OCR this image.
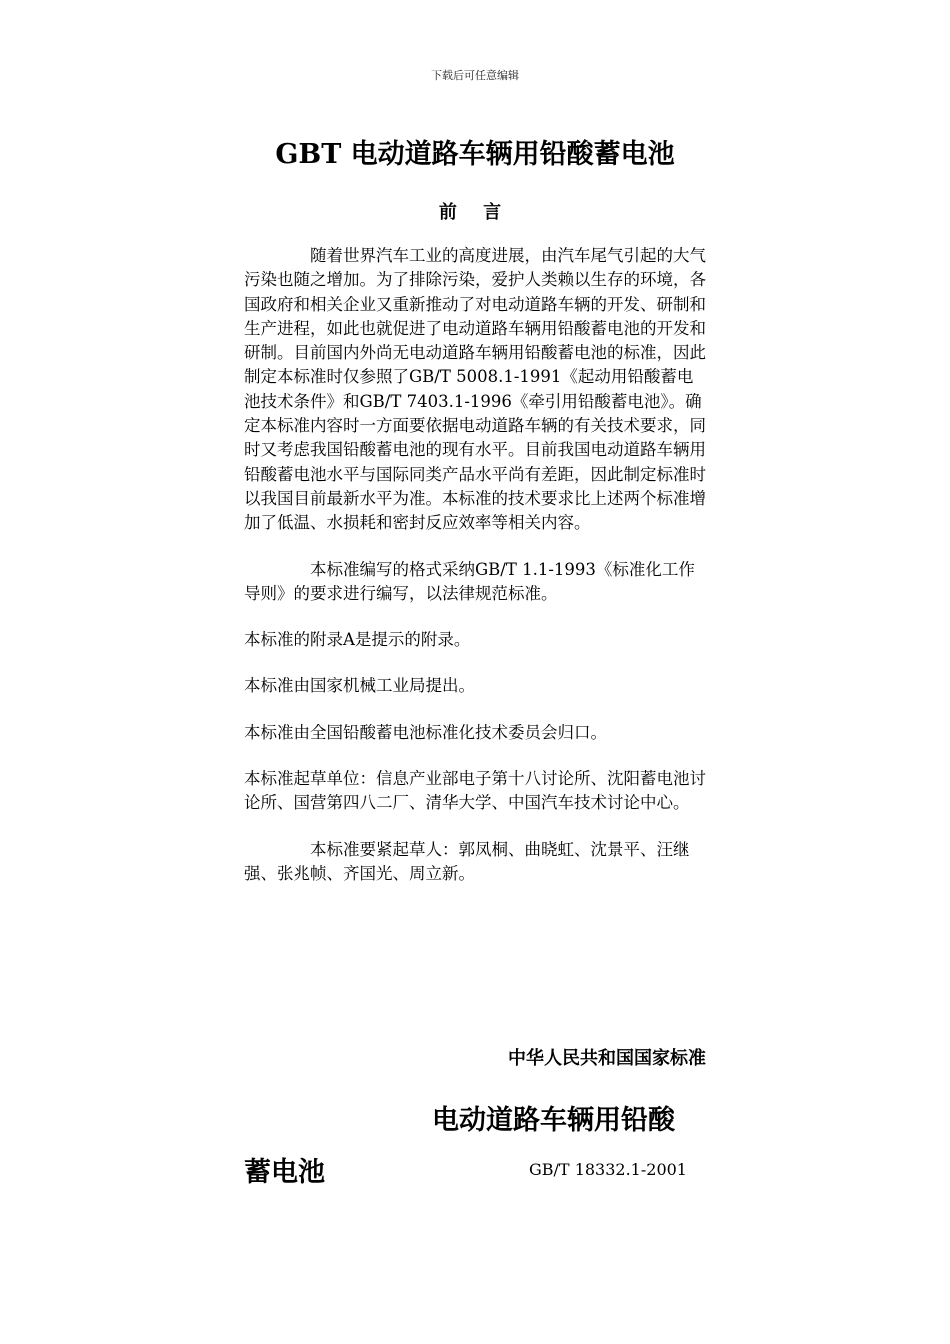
下载后可任意编辑
GBT 电动道路车辆用铅酸蓄电池
前 言

随着世界汽车工业的高度进展，由汽车尾气引起的大气污染也随之增加。为了排除污染，爱护人类赖以生存的环境，各国政府和相关企业又重新推动了对电动道路车辆的开发、研制和生产进程，如此也就促进了电动道路车辆用铅酸蓄电池的开发和研制。目前国内外尚无电动道路车辆用铅酸蓄电池的标准，因此制定本标准时仅参照了GB/T 5008.1-1991《起动用铅酸蓄电池技术条件》和GB/T 7403.1-1996《牵引用铅酸蓄电池》。确定本标准内容时一方面要依据电动道路车辆的有关技术要求，同时又考虑我国铅酸蓄电池的现有水平。目前我国电动道路车辆用铅酸蓄电池水平与国际同类产品水平尚有差距，因此制定标准时以我国目前最新水平为准。本标准的技术要求比上述两个标准增加了低温、水损耗和密封反应效率等相关内容。

本标准编写的格式采纳GB/T 1.1-1993《标准化工作导则》的要求进行编写，以法律规范标准。

本标准的附录A是提示的附录。

本标准由国家机械工业局提出。

本标准由全国铅酸蓄电池标准化技术委员会归口。

本标准起草单位：信息产业部电子第十八讨论所、沈阳蓄电池讨论所、国营第四八二厂、清华大学、中国汽车技术讨论中心。

本标准要紧起草人：郭凤桐、曲晓虹、沈景平、汪继强、张兆帧、齐国光、周立新。

中华人民共和国国家标准
电动道路车辆用铅酸
蓄电池	GB/T 18332.1-2001
